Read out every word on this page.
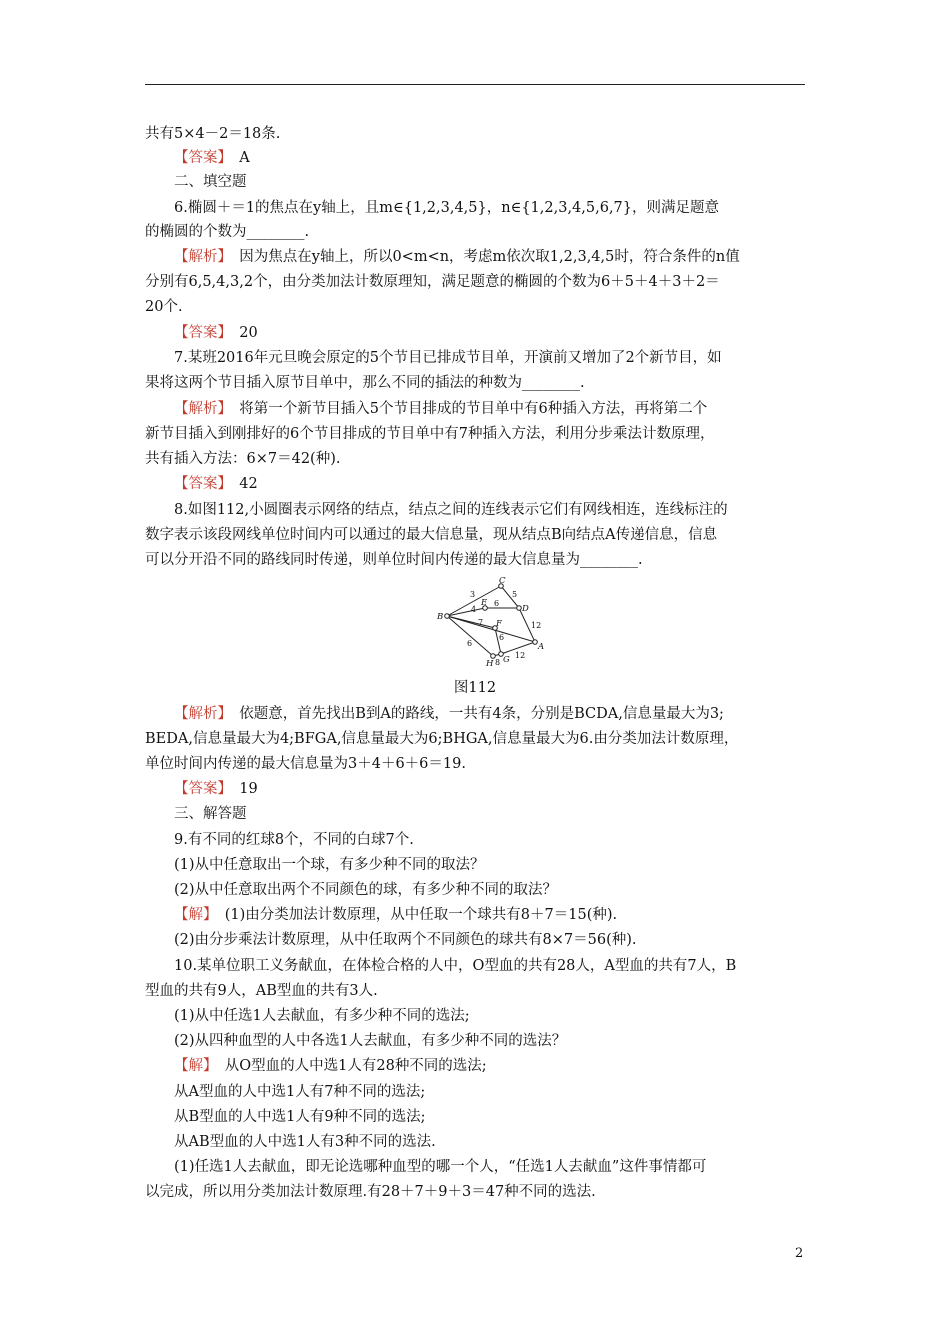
共有5×4－2＝18条.
【答案】　A
二、填空题
6.椭圆＋＝1的焦点在y轴上，且m∈{1,2,3,4,5}，n∈{1,2,3,4,5,6,7}，则满足题意
的椭圆的个数为________.
【解析】　因为焦点在y轴上，所以0<m<n，考虑m依次取1,2,3,4,5时，符合条件的n值
分别有6,5,4,3,2个，由分类加法计数原理知，满足题意的椭圆的个数为6＋5＋4＋3＋2＝
20个.
【答案】　20
7.某班2016年元旦晚会原定的5个节目已排成节目单，开演前又增加了2个新节目，如
果将这两个节目插入原节目单中，那么不同的插法的种数为________.
【解析】　将第一个新节目插入5个节目排成的节目单中有6种插入方法，再将第二个
新节目插入到刚排好的6个节目排成的节目单中有7种插入方法，利用分步乘法计数原理，
共有插入方法：6×7＝42(种).
【答案】　42
8.如图112,小圆圈表示网络的结点，结点之间的连线表示它们有网线相连，连线标注的
数字表示该段网线单位时间内可以通过的最大信息量，现从结点B向结点A传递信息，信息
可以分开沿不同的路线同时传递，则单位时间内传递的最大信息量为________.
C
E
D
B
F
A
H G
3	5
4
6
7	12
6
6
8
12
图112
【解析】　依题意，首先找出B到A的路线，一共有4条，分别是BCDA,信息量最大为3;
BEDA,信息量最大为4;BFGA,信息量最大为6;BHGA,信息量最大为6.由分类加法计数原理，
单位时间内传递的最大信息量为3＋4＋6＋6＝19.
【答案】　19
三、解答题
9.有不同的红球8个，不同的白球7个.
(1)从中任意取出一个球，有多少种不同的取法？
(2)从中任意取出两个不同颜色的球，有多少种不同的取法？
【解】　(1)由分类加法计数原理，从中任取一个球共有8＋7＝15(种).
(2)由分步乘法计数原理，从中任取两个不同颜色的球共有8×7＝56(种).
10.某单位职工义务献血，在体检合格的人中，O型血的共有28人，A型血的共有7人，B
型血的共有9人，AB型血的共有3人.
(1)从中任选1人去献血，有多少种不同的选法;
(2)从四种血型的人中各选1人去献血，有多少种不同的选法？
【解】　从O型血的人中选1人有28种不同的选法;
从A型血的人中选1人有7种不同的选法;
从B型血的人中选1人有9种不同的选法;
从AB型血的人中选1人有3种不同的选法.
(1)任选1人去献血，即无论选哪种血型的哪一个人，“任选1人去献血”这件事情都可
以完成，所以用分类加法计数原理.有28＋7＋9＋3＝47种不同的选法.
2
